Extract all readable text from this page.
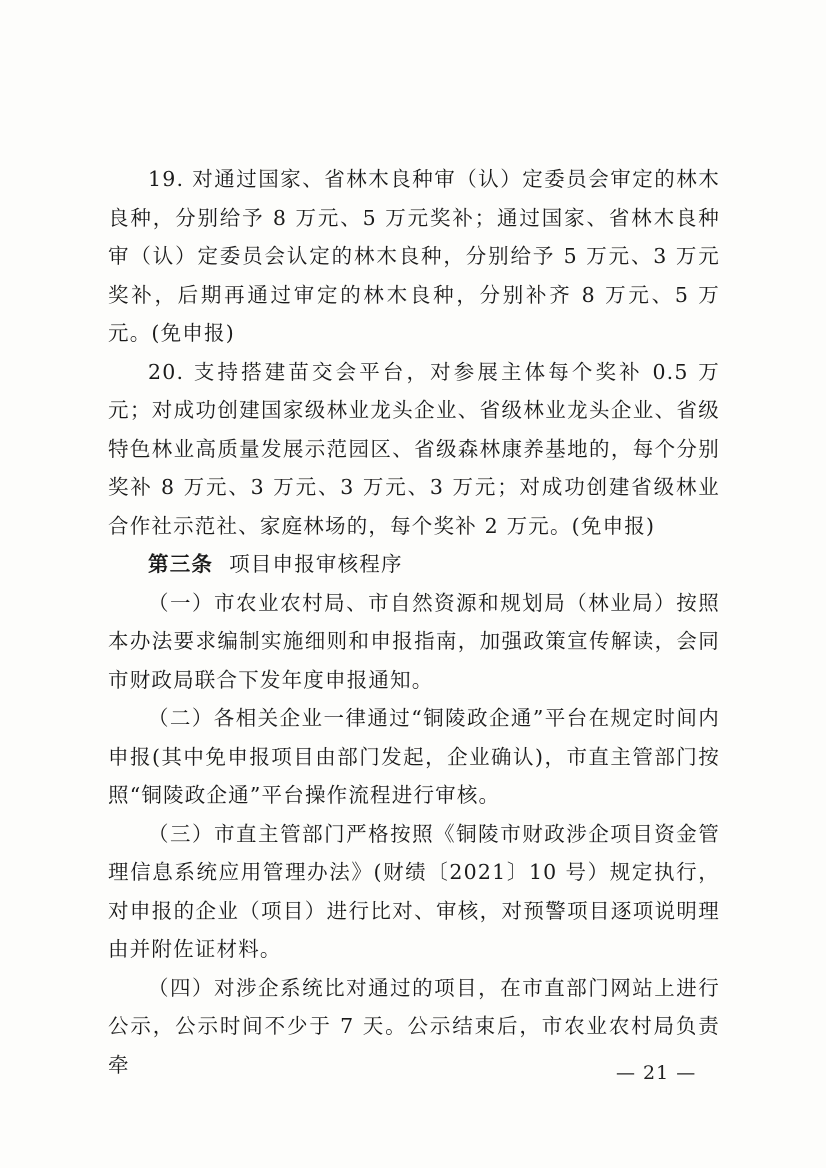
19. 对通过国家、省林木良种审（认）定委员会审定的林木良种，分别给予 8 万元、5 万元奖补；通过国家、省林木良种审（认）定委员会认定的林木良种，分别给予 5 万元、3 万元奖补，后期再通过审定的林木良种，分别补齐 8 万元、5 万元。(免申报)

20. 支持搭建苗交会平台，对参展主体每个奖补 0.5 万元；对成功创建国家级林业龙头企业、省级林业龙头企业、省级特色林业高质量发展示范园区、省级森林康养基地的，每个分别奖补 8 万元、3 万元、3 万元、3 万元；对成功创建省级林业合作社示范社、家庭林场的，每个奖补 2 万元。(免申报)

第三条 项目申报审核程序

（一）市农业农村局、市自然资源和规划局（林业局）按照本办法要求编制实施细则和申报指南，加强政策宣传解读，会同市财政局联合下发年度申报通知。

（二）各相关企业一律通过“铜陵政企通”平台在规定时间内申报(其中免申报项目由部门发起，企业确认)，市直主管部门按照“铜陵政企通”平台操作流程进行审核。

（三）市直主管部门严格按照《铜陵市财政涉企项目资金管理信息系统应用管理办法》(财绩〔2021〕10 号）规定执行，对申报的企业（项目）进行比对、审核，对预警项目逐项说明理由并附佐证材料。

（四）对涉企系统比对通过的项目，在市直部门网站上进行公示，公示时间不少于 7 天。公示结束后，市农业农村局负责牵	— 21 —
